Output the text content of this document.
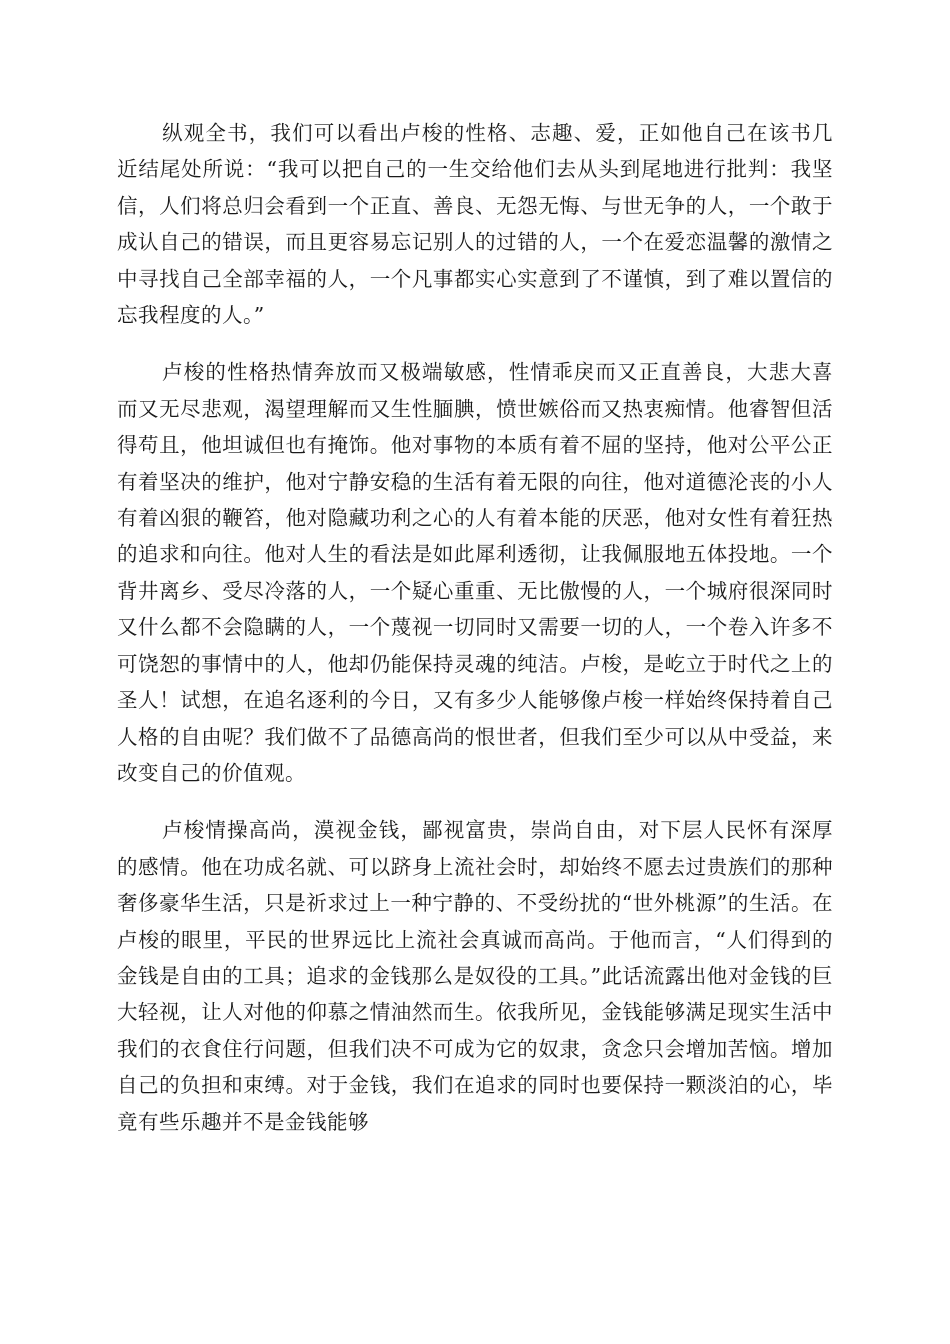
纵观全书，我们可以看出卢梭的性格、志趣、爱，正如他自己在该书几近结尾处所说：“我可以把自己的一生交给他们去从头到尾地进行批判：我坚信，人们将总归会看到一个正直、善良、无怨无悔、与世无争的人，一个敢于成认自己的错误，而且更容易忘记别人的过错的人，一个在爱恋温馨的激情之中寻找自己全部幸福的人，一个凡事都实心实意到了不谨慎，到了难以置信的忘我程度的人。”

卢梭的性格热情奔放而又极端敏感，性情乖戾而又正直善良，大悲大喜而又无尽悲观，渴望理解而又生性腼腆，愤世嫉俗而又热衷痴情。他睿智但活得苟且，他坦诚但也有掩饰。他对事物的本质有着不屈的坚持，他对公平公正有着坚决的维护，他对宁静安稳的生活有着无限的向往，他对道德沦丧的小人有着凶狠的鞭笞，他对隐藏功利之心的人有着本能的厌恶，他对女性有着狂热的追求和向往。他对人生的看法是如此犀利透彻，让我佩服地五体投地。一个背井离乡、受尽冷落的人，一个疑心重重、无比傲慢的人，一个城府很深同时又什么都不会隐瞒的人，一个蔑视一切同时又需要一切的人，一个卷入许多不可饶恕的事情中的人，他却仍能保持灵魂的纯洁。卢梭，是屹立于时代之上的圣人！试想，在追名逐利的今日，又有多少人能够像卢梭一样始终保持着自己人格的自由呢？我们做不了品德高尚的恨世者，但我们至少可以从中受益，来改变自己的价值观。

卢梭情操高尚，漠视金钱，鄙视富贵，崇尚自由，对下层人民怀有深厚的感情。他在功成名就、可以跻身上流社会时，却始终不愿去过贵族们的那种奢侈豪华生活，只是祈求过上一种宁静的、不受纷扰的“世外桃源”的生活。在卢梭的眼里，平民的世界远比上流社会真诚而高尚。于他而言，“人们得到的金钱是自由的工具；追求的金钱那么是奴役的工具。”此话流露出他对金钱的巨大轻视，让人对他的仰慕之情油然而生。依我所见，金钱能够满足现实生活中我们的衣食住行问题，但我们决不可成为它的奴隶，贪念只会增加苦恼。增加自己的负担和束缚。对于金钱，我们在追求的同时也要保持一颗淡泊的心，毕竟有些乐趣并不是金钱能够
